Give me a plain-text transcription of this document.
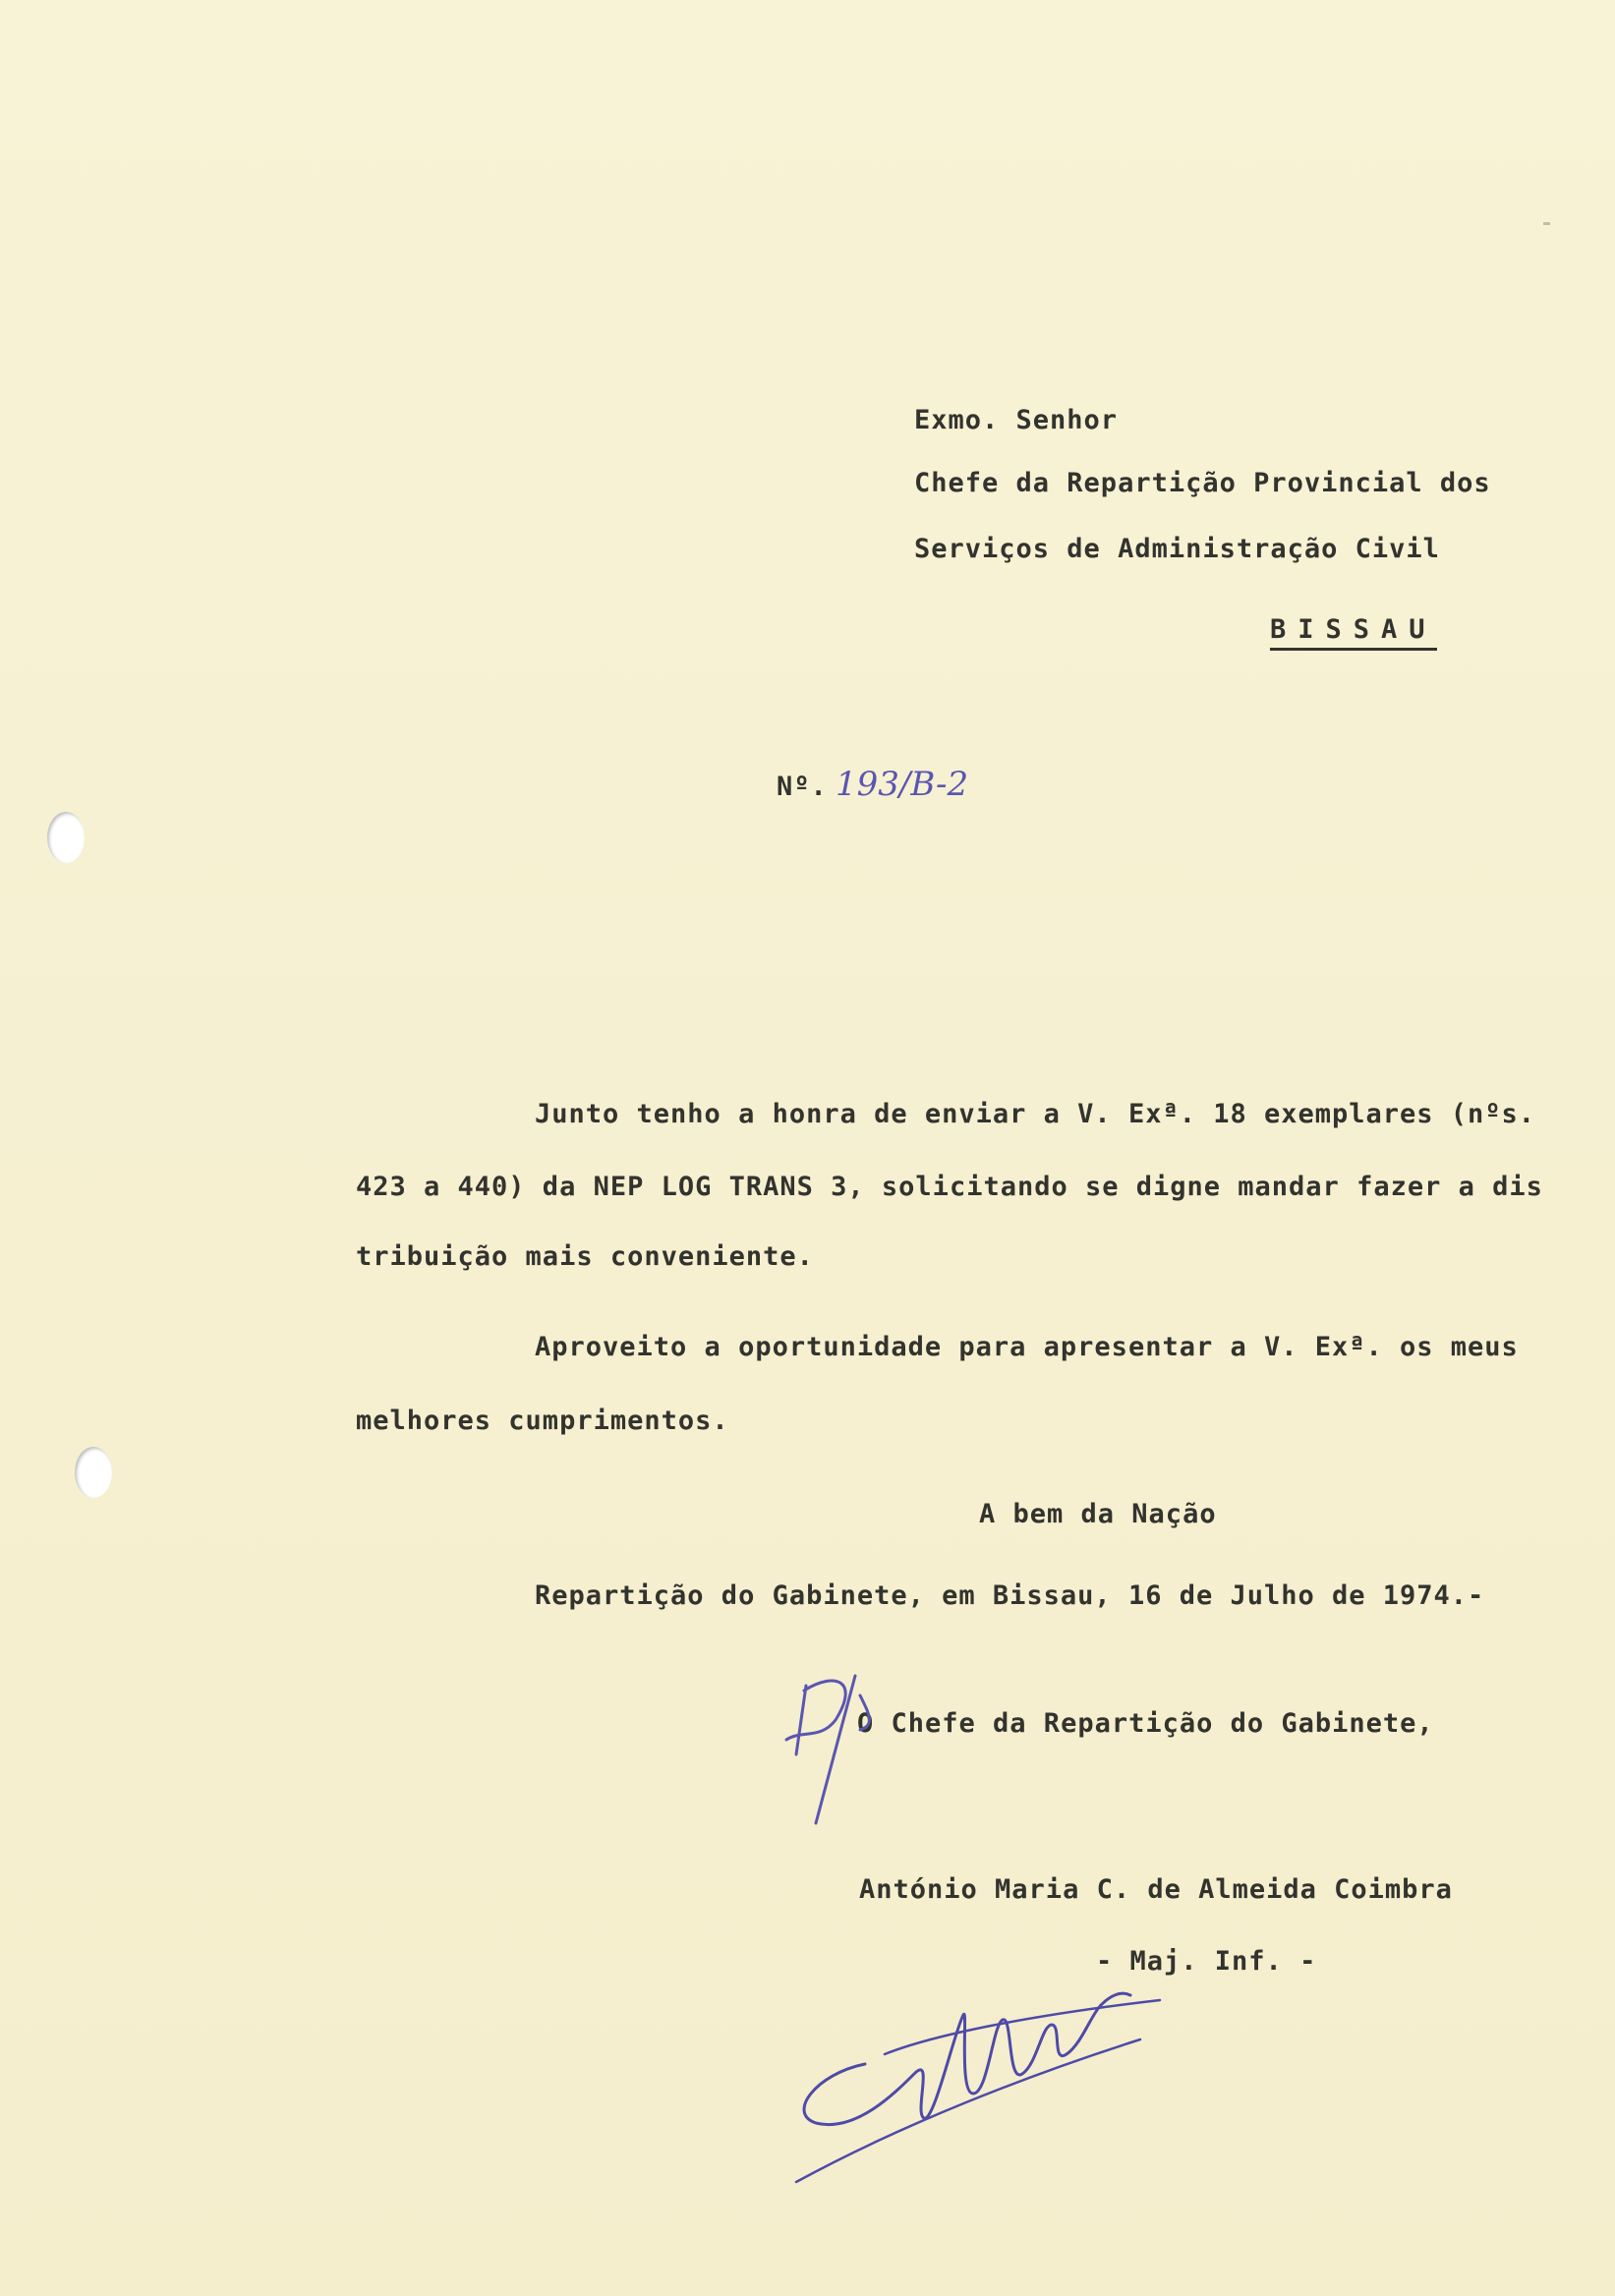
Exmo. Senhor
Chefe da Repartição Provincial dos
Serviços de Administração Civil
BISSAU
Nº. 193/B-2
Junto tenho a honra de enviar a V. Exª. 18 exemplares (nºs.
423 a 440) da NEP LOG TRANS 3, solicitando se digne mandar fazer a dis
tribuição mais conveniente.
Aproveito a oportunidade para apresentar a V. Exª. os meus
melhores cumprimentos.
A bem da Nação
Repartição do Gabinete, em Bissau, 16 de Julho de 1974.-
O Chefe da Repartição do Gabinete,
António Maria C. de Almeida Coimbra
- Maj. Inf. -
